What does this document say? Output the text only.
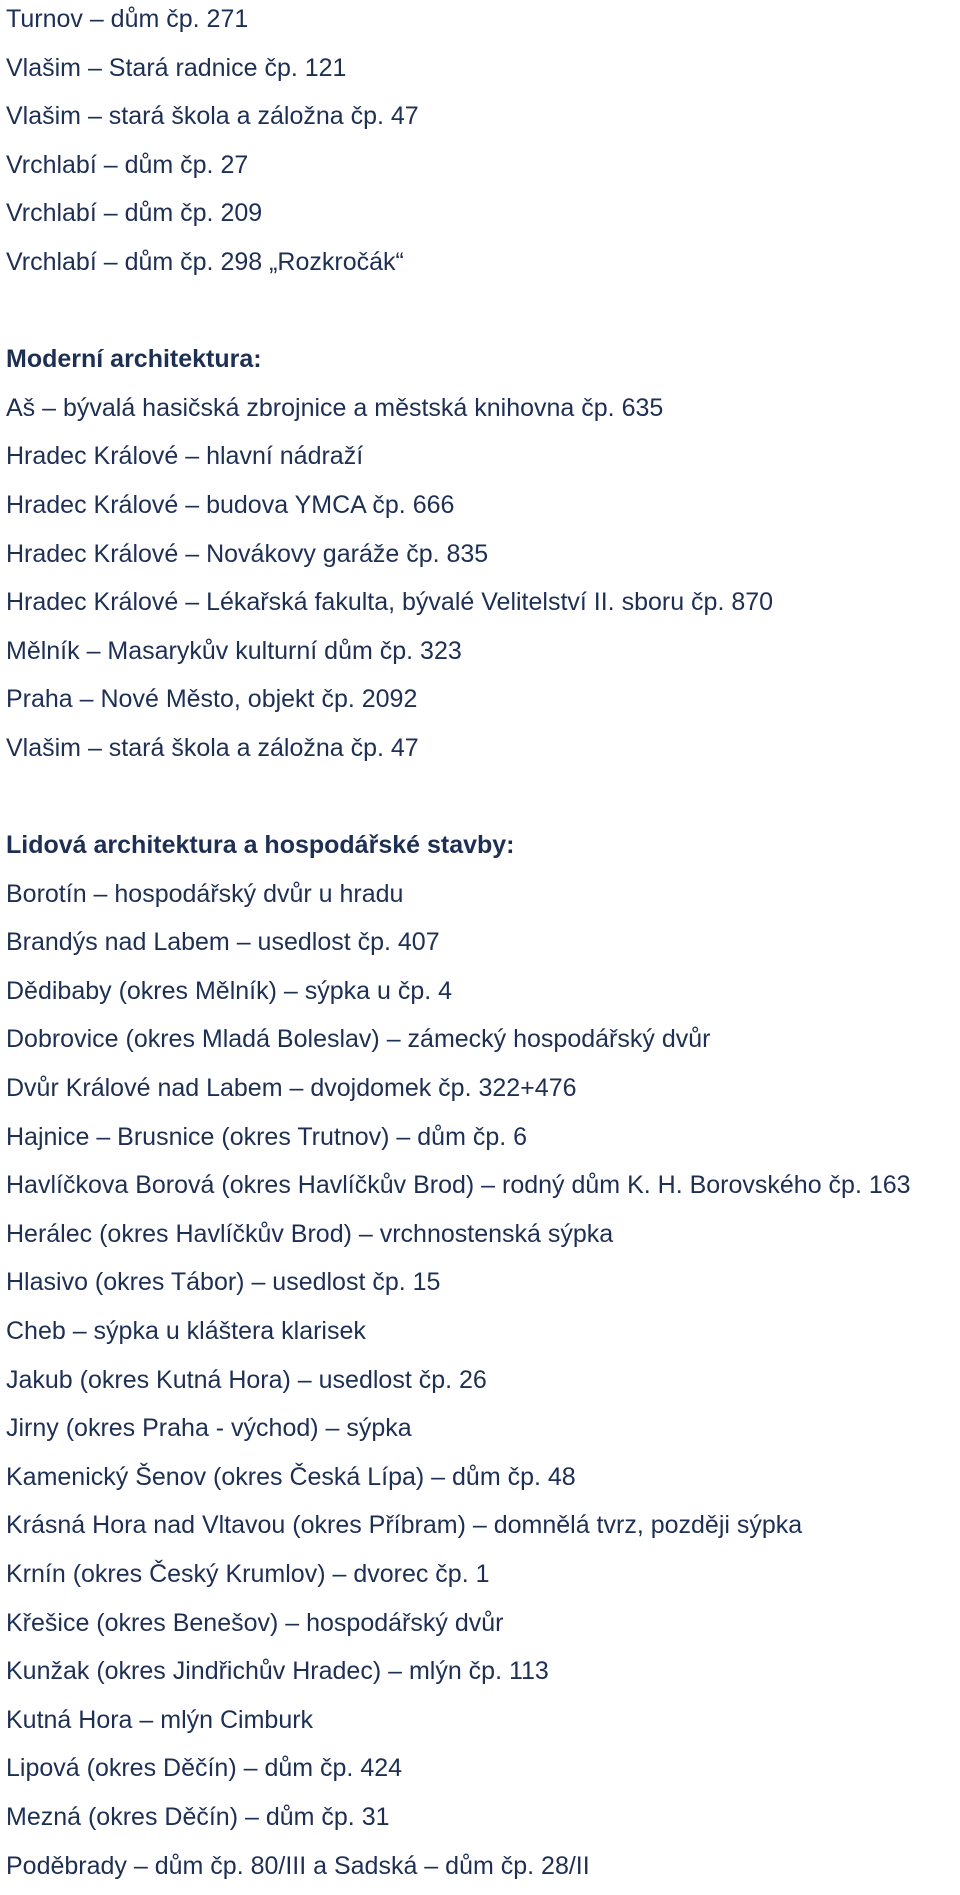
Turnov – dům čp. 271
Vlašim – Stará radnice čp. 121
Vlašim – stará škola a záložna čp. 47
Vrchlabí – dům čp. 27
Vrchlabí – dům čp. 209
Vrchlabí – dům čp. 298 „Rozkročák“
Moderní architektura:
Aš – bývalá hasičská zbrojnice a městská knihovna čp. 635
Hradec Králové – hlavní nádraží
Hradec Králové – budova YMCA čp. 666
Hradec Králové – Novákovy garáže čp. 835
Hradec Králové – Lékařská fakulta, bývalé Velitelství II. sboru čp. 870
Mělník – Masarykův kulturní dům čp. 323
Praha – Nové Město, objekt čp. 2092
Vlašim – stará škola a záložna čp. 47
Lidová architektura a hospodářské stavby:
Borotín – hospodářský dvůr u hradu
Brandýs nad Labem – usedlost čp. 407
Dědibaby (okres Mělník) – sýpka u čp. 4
Dobrovice (okres Mladá Boleslav) – zámecký hospodářský dvůr
Dvůr Králové nad Labem – dvojdomek čp. 322+476
Hajnice – Brusnice (okres Trutnov) – dům čp. 6
Havlíčkova Borová (okres Havlíčkův Brod) – rodný dům K. H. Borovského čp. 163
Herálec (okres Havlíčkův Brod) – vrchnostenská sýpka
Hlasivo (okres Tábor) – usedlost čp. 15
Cheb – sýpka u kláštera klarisek
Jakub (okres Kutná Hora) – usedlost čp. 26
Jirny (okres Praha - východ) – sýpka
Kamenický Šenov (okres Česká Lípa) – dům čp. 48
Krásná Hora nad Vltavou (okres Příbram) – domnělá tvrz, později sýpka
Krnín (okres Český Krumlov) – dvorec čp. 1
Křešice (okres Benešov) – hospodářský dvůr
Kunžak (okres Jindřichův Hradec) – mlýn čp. 113
Kutná Hora – mlýn Cimburk
Lipová (okres Děčín) – dům čp. 424
Mezná (okres Děčín) – dům čp. 31
Poděbrady – dům čp. 80/III a Sadská – dům čp. 28/II
